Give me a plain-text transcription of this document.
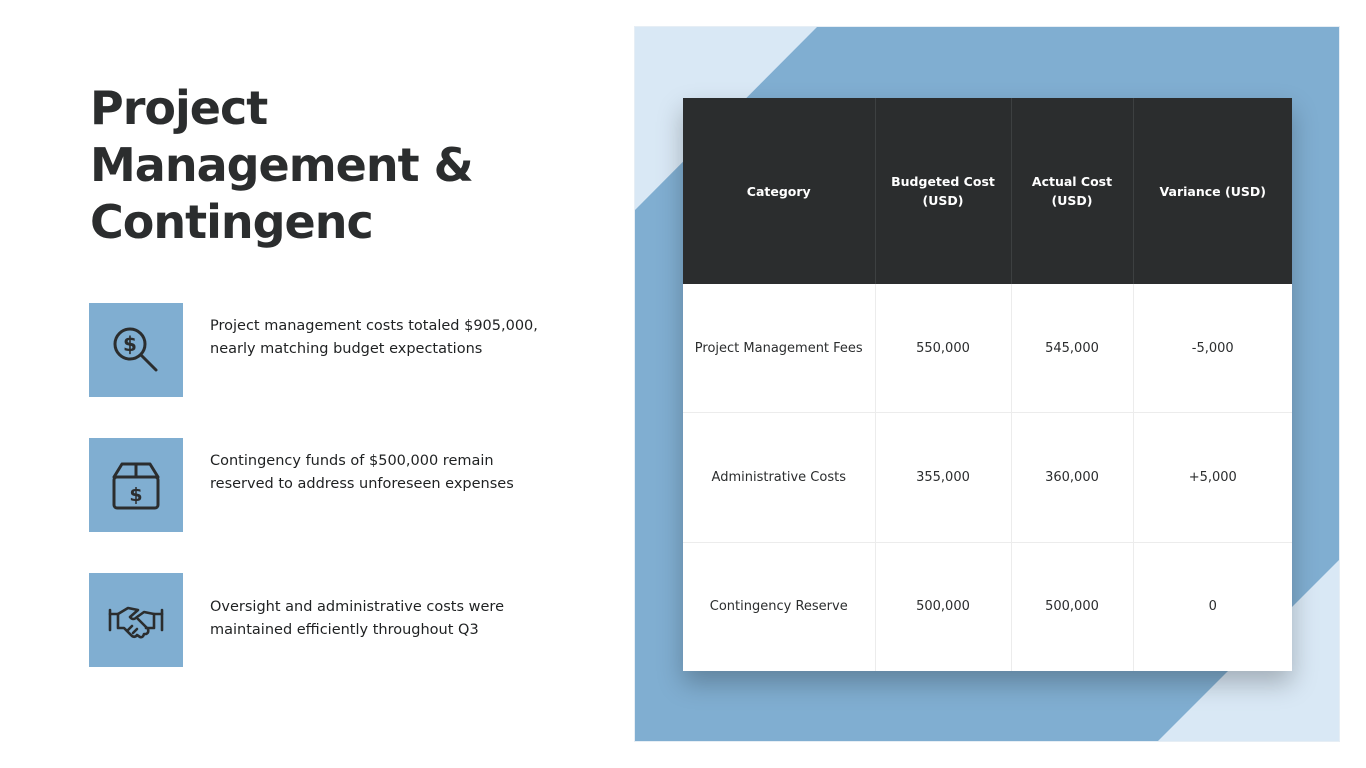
Project Management & Contingenc
$
Project management costs totaled $905,000, nearly matching budget expectations
$
Contingency funds of $500,000 remain reserved to address unforeseen expenses
Oversight and administrative costs were maintained efficiently throughout Q3
Category	Budgeted Cost (USD)	Actual Cost (USD)	Variance (USD)
Project Management Fees	550,000	545,000	-5,000
Administrative Costs	355,000	360,000	+5,000
Contingency Reserve	500,000	500,000	0
